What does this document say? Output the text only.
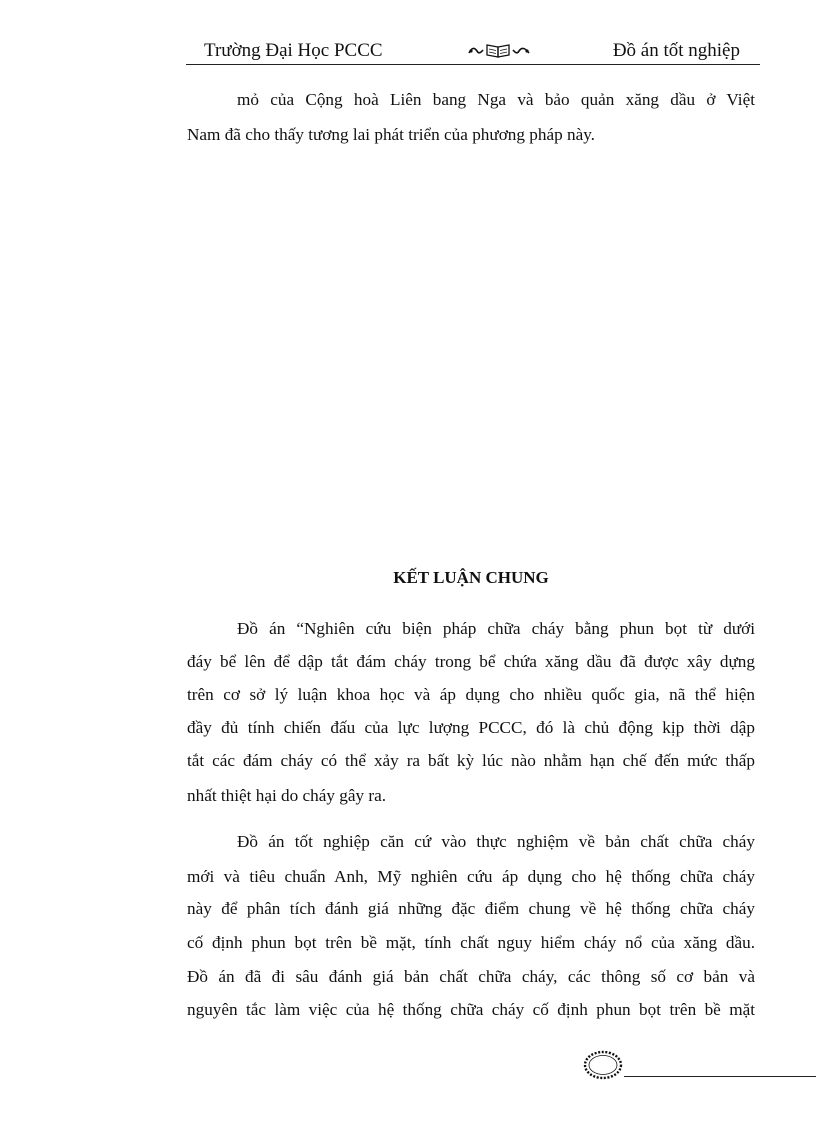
Trường Đại Học PCCC	Đồ án tốt nghiệp
mỏ của Cộng hoà Liên bang Nga và bảo quản xăng dầu ở Việt
Nam đã cho thấy tương lai phát triển của phương pháp này.
KẾT LUẬN CHUNG
Đồ án “Nghiên cứu biện pháp chữa cháy bằng phun bọt từ dưới
đáy bể lên để dập tắt đám cháy trong bể chứa xăng dầu đã được xây dựng
trên cơ sở lý luận khoa học và áp dụng cho nhiều quốc gia, nã thể hiện
đầy đủ tính chiến đấu của lực lượng PCCC, đó là chủ động kịp thời dập
tắt các đám cháy có thể xảy ra bất kỳ lúc nào nhằm hạn chế đến mức thấp
nhất thiệt hại do cháy gây ra.
Đồ án tốt nghiệp căn cứ vào thực nghiệm về bản chất chữa cháy
mới và tiêu chuẩn Anh, Mỹ nghiên cứu áp dụng cho hệ thống chữa cháy
này để phân tích đánh giá những đặc điểm chung về hệ thống chữa cháy
cố định phun bọt trên bề mặt, tính chất nguy hiểm cháy nổ của xăng dầu.
Đồ án đã đi sâu đánh giá bản chất chữa cháy, các thông số cơ bản và
nguyên tắc làm việc của hệ thống chữa cháy cố định phun bọt trên bề mặt
